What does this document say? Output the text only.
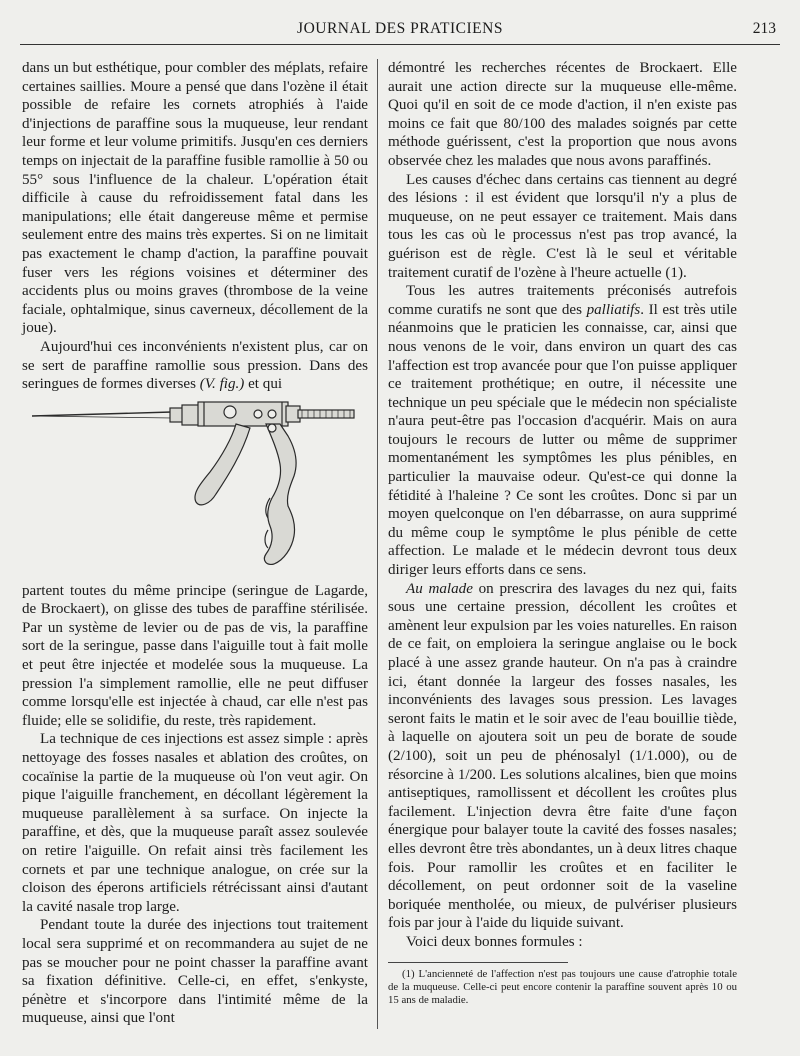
JOURNAL DES PRATICIENS	213

dans un but esthétique, pour combler des méplats, refaire certaines saillies. Moure a pensé que dans l'ozène il était possible de refaire les cornets atrophiés à l'aide d'injections de paraffine sous la muqueuse, leur rendant leur forme et leur volume primitifs. Jusqu'en ces derniers temps on injectait de la paraffine fusible ramollie à 50 ou 55° sous l'influence de la chaleur. L'opération était difficile à cause du refroidissement fatal dans les manipulations; elle était dangereuse même et permise seulement entre des mains très expertes. Si on ne limitait pas exactement le champ d'action, la paraffine pouvait fuser vers les régions voisines et déterminer des accidents plus ou moins graves (thrombose de la veine faciale, ophtalmique, sinus caverneux, décollement de la joue).

Aujourd'hui ces inconvénients n'existent plus, car on se sert de paraffine ramollie sous pression. Dans des seringues de formes diverses (V. fig.) et qui

partent toutes du même principe (seringue de Lagarde, de Brockaert), on glisse des tubes de paraffine stérilisée. Par un système de levier ou de pas de vis, la paraffine sort de la seringue, passe dans l'aiguille tout à fait molle et peut être injectée et modelée sous la muqueuse. La pression l'a simplement ramollie, elle ne peut diffuser comme lorsqu'elle est injectée à chaud, car elle n'est pas fluide; elle se solidifie, du reste, très rapidement.

La technique de ces injections est assez simple : après nettoyage des fosses nasales et ablation des croûtes, on cocaïnise la partie de la muqueuse où l'on veut agir. On pique l'aiguille franchement, en décollant légèrement la muqueuse parallèlement à sa surface. On injecte la paraffine, et dès, que la muqueuse paraît assez soulevée on retire l'aiguille. On refait ainsi très facilement les cornets et par une technique analogue, on crée sur la cloison des éperons artificiels rétrécissant ainsi d'autant la cavité nasale trop large.

Pendant toute la durée des injections tout traitement local sera supprimé et on recommandera au sujet de ne pas se moucher pour ne point chasser la paraffine avant sa fixation définitive. Celle-ci, en effet, s'enkyste, pénètre et s'incorpore dans l'intimité même de la muqueuse, ainsi que l'ont

démontré les recherches récentes de Brockaert. Elle aurait une action directe sur la muqueuse elle-même. Quoi qu'il en soit de ce mode d'action, il n'en existe pas moins ce fait que 80/100 des malades soignés par cette méthode guérissent, c'est la proportion que nous avons observée chez les malades que nous avons paraffinés.

Les causes d'échec dans certains cas tiennent au degré des lésions : il est évident que lorsqu'il n'y a plus de muqueuse, on ne peut essayer ce traitement. Mais dans tous les cas où le processus n'est pas trop avancé, la guérison est de règle. C'est là le seul et véritable traitement curatif de l'ozène à l'heure actuelle (1).

Tous les autres traitements préconisés autrefois comme curatifs ne sont que des palliatifs. Il est très utile néanmoins que le praticien les connaisse, car, ainsi que nous venons de le voir, dans environ un quart des cas l'affection est trop avancée pour que l'on puisse appliquer ce traitement prothétique; en outre, il nécessite une technique un peu spéciale que le médecin non spécialiste n'aura peut-être pas l'occasion d'acquérir. Mais on aura toujours le recours de lutter ou même de supprimer momentanément les symptômes les plus pénibles, en particulier la mauvaise odeur. Qu'est-ce qui donne la fétidité à l'haleine ? Ce sont les croûtes. Donc si par un moyen quelconque on l'en débarrasse, on aura supprimé du même coup le symptôme le plus pénible de cette affection. Le malade et le médecin devront tous deux diriger leurs efforts dans ce sens.

Au malade on prescrira des lavages du nez qui, faits sous une certaine pression, décollent les croûtes et amènent leur expulsion par les voies naturelles. En raison de ce fait, on emploiera la seringue anglaise ou le bock placé à une assez grande hauteur. On n'a pas à craindre ici, étant donnée la largeur des fosses nasales, les inconvénients des lavages sous pression. Les lavages seront faits le matin et le soir avec de l'eau bouillie tiède, à laquelle on ajoutera soit un peu de borate de soude (2/100), soit un peu de phénosalyl (1/1.000), ou de résorcine à 1/200. Les solutions alcalines, bien que moins antiseptiques, ramollissent et décollent les croûtes plus facilement. L'injection devra être faite d'une façon énergique pour balayer toute la cavité des fosses nasales; elles devront être très abondantes, un à deux litres chaque fois. Pour ramollir les croûtes et en faciliter le décollement, on peut ordonner soit de la vaseline boriquée mentholée, ou mieux, de pulvériser plusieurs fois par jour à l'aide du liquide suivant.

Voici deux bonnes formules :

(1) L'ancienneté de l'affection n'est pas toujours une cause d'atrophie totale de la muqueuse. Celle-ci peut encore contenir la paraffine souvent après 10 ou 15 ans de maladie.
